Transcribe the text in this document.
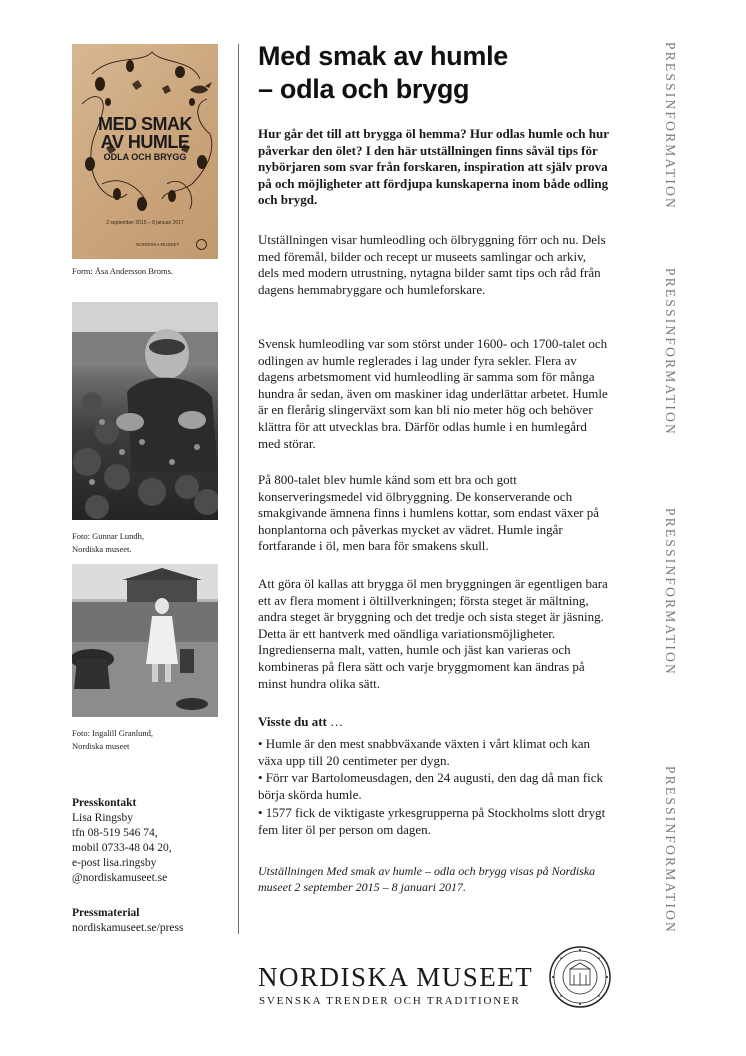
MED SMAK
AV HUMLE
ODLA OCH BRYGG
2 september 2015 – 8 januari 2017
NORDISKA MUSEET
Form: Åsa Andersson Broms.
Foto: Gunnar Lundh,
Nordiska museet.
Foto: Ingalill Granlund,
Nordiska museet
Presskontakt
Lisa Ringsby
tfn 08-519 546 74,
mobil 0733-48 04 20,
e-post lisa.ringsby
@nordiskamuseet.se
Pressmaterial
nordiskamuseet.se/press
Med smak av humle
– odla och brygg
Hur går det till att brygga öl hemma? Hur odlas humle och hur påverkar den ölet? I den här utställningen finns såväl tips för nybörjaren som svar från forskaren, inspiration att själv prova på och möjligheter att fördjupa kunskaperna inom både odling och brygd.
Utställningen visar humleodling och ölbryggning förr och nu. Dels med föremål, bilder och recept ur museets samlingar och arkiv, dels med modern utrustning, nytagna bilder samt tips och råd från dagens hemmabryggare och humleforskare.
Svensk humleodling var som störst under 1600- och 1700-talet och odlingen av humle reglerades i lag under fyra sekler. Flera av dagens arbetsmoment vid humleodling är samma som för många hundra år sedan, även om maskiner idag underlättar arbetet. Humle är en flerårig slingerväxt som kan bli nio meter hög och behöver klättra för att utvecklas bra. Därför odlas humle i en humlegård med störar.
På 800-talet blev humle känd som ett bra och gott konserveringsmedel vid ölbryggning. De konserverande och smakgivande ämnena finns i humlens kottar, som endast växer på honplantorna och påverkas mycket av vädret. Humle ingår fortfarande i öl, men bara för smakens skull.
Att göra öl kallas att brygga öl men bryggningen är egentligen bara ett av flera moment i öltillverkningen; första steget är mältning, andra steget är bryggning och det tredje och sista steget är jäsning. Detta är ett hantverk med oändliga variationsmöjligheter. Ingredienserna malt, vatten, humle och jäst kan varieras och kombineras på flera sätt och varje bryggmoment kan ändras på minst hundra olika sätt.
Visste du att …
• Humle är den mest snabbväxande växten i vårt klimat och kan växa upp till 20 centimeter per dygn.
• Förr var Bartolomeusdagen, den 24 augusti, den dag då man fick börja skörda humle.
• 1577 fick de viktigaste yrkesgrupperna på Stockholms slott drygt fem liter öl per person om dagen.
Utställningen Med smak av humle – odla och brygg visas på Nordiska museet 2 september 2015 – 8 januari 2017.
NORDISKA MUSEET
SVENSKA TRENDER OCH TRADITIONER
PRESSINFORMATION
PRESSINFORMATION
PRESSINFORMATION
PRESSINFORMATION
